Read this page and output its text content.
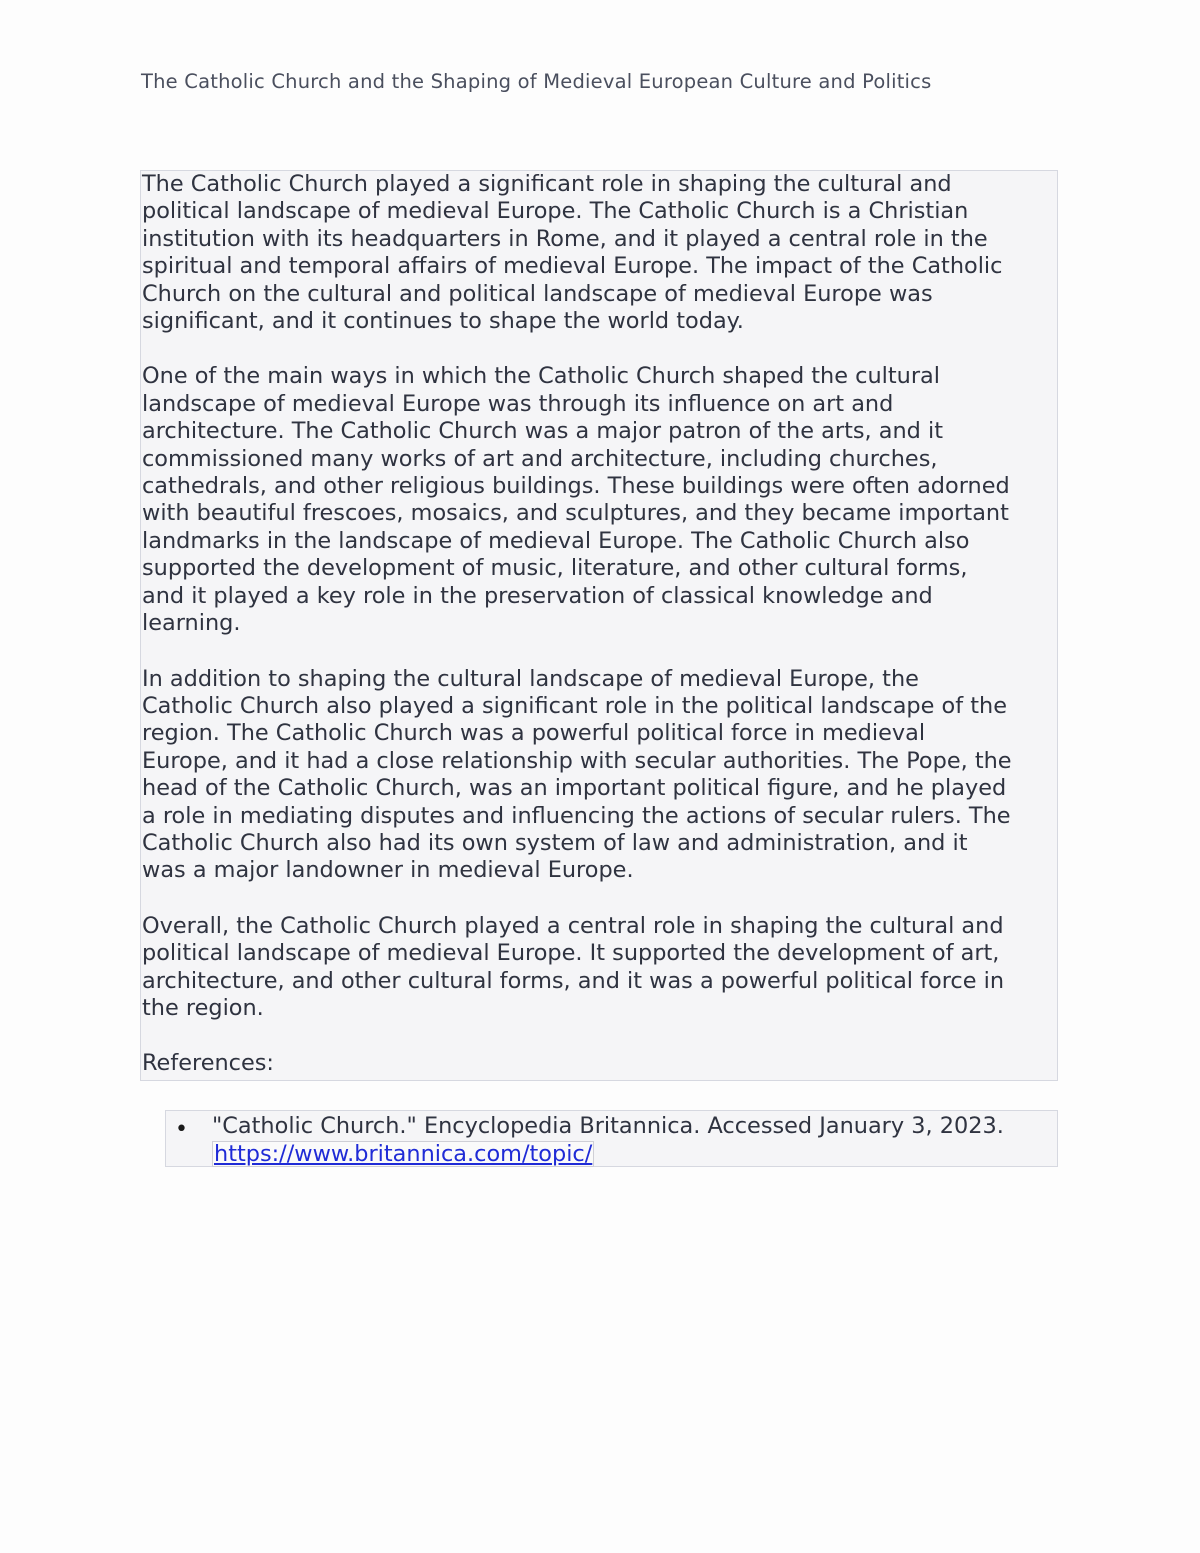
The Catholic Church and the Shaping of Medieval European Culture and Politics

The Catholic Church played a significant role in shaping the cultural and
political landscape of medieval Europe. The Catholic Church is a Christian
institution with its headquarters in Rome, and it played a central role in the
spiritual and temporal affairs of medieval Europe. The impact of the Catholic
Church on the cultural and political landscape of medieval Europe was
significant, and it continues to shape the world today.

One of the main ways in which the Catholic Church shaped the cultural
landscape of medieval Europe was through its influence on art and
architecture. The Catholic Church was a major patron of the arts, and it
commissioned many works of art and architecture, including churches,
cathedrals, and other religious buildings. These buildings were often adorned
with beautiful frescoes, mosaics, and sculptures, and they became important
landmarks in the landscape of medieval Europe. The Catholic Church also
supported the development of music, literature, and other cultural forms,
and it played a key role in the preservation of classical knowledge and
learning.

In addition to shaping the cultural landscape of medieval Europe, the
Catholic Church also played a significant role in the political landscape of the
region. The Catholic Church was a powerful political force in medieval
Europe, and it had a close relationship with secular authorities. The Pope, the
head of the Catholic Church, was an important political figure, and he played
a role in mediating disputes and influencing the actions of secular rulers. The
Catholic Church also had its own system of law and administration, and it
was a major landowner in medieval Europe.

Overall, the Catholic Church played a central role in shaping the cultural and
political landscape of medieval Europe. It supported the development of art,
architecture, and other cultural forms, and it was a powerful political force in
the region.

References:

• "Catholic Church." Encyclopedia Britannica. Accessed January 3, 2023.
https://www.britannica.com/topic/
